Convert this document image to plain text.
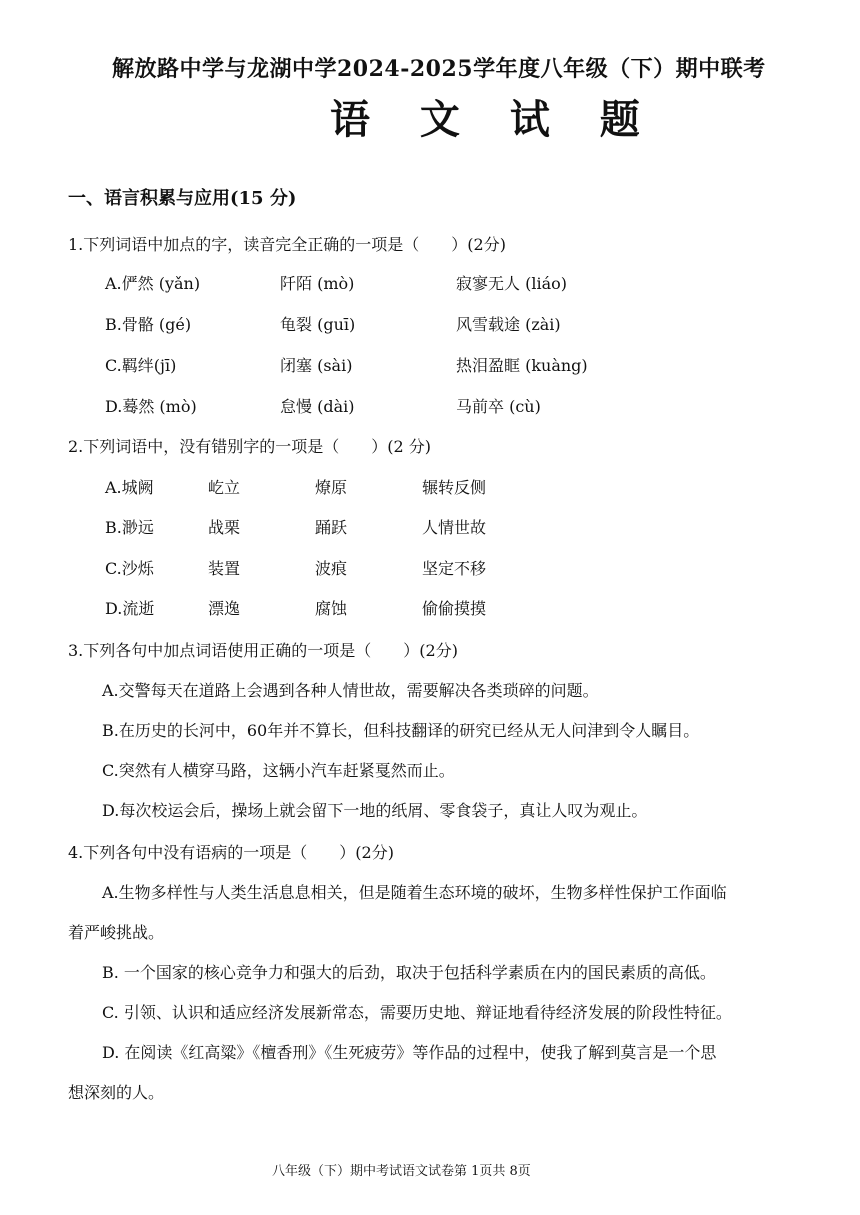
解放路中学与龙湖中学2024-2025学年度八年级（下）期中联考
语 文 试 题
一、语言积累与应用(15 分)
1.下列词语中加点的字，读音完全正确的一项是（　　）(2分)
A.俨然 (yǎn)	阡陌 (mò)	寂寥无人 (liáo)
B.骨骼 (gé)	龟裂 (guī)	风雪载途 (zài)
C.羁绊(jī)	闭塞 (sài)	热泪盈眶 (kuàng)
D.蓦然 (mò)	怠慢 (dài)	马前卒 (cù)
2.下列词语中，没有错别字的一项是（　　）(2 分)
A.城阙	屹立	燎原	辗转反侧
B.渺远	战栗	踊跃	人情世故
C.沙烁	装置	波痕	坚定不移
D.流逝	漂逸	腐蚀	偷偷摸摸
3.下列各句中加点词语使用正确的一项是（　　）(2分)
A.交警每天在道路上会遇到各种人情世故，需要解决各类琐碎的问题。
B.在历史的长河中，60年并不算长，但科技翻译的研究已经从无人问津到令人瞩目。
C.突然有人横穿马路，这辆小汽车赶紧戛然而止。
D.每次校运会后，操场上就会留下一地的纸屑、零食袋子，真让人叹为观止。
4.下列各句中没有语病的一项是（　　）(2分)
A.生物多样性与人类生活息息相关，但是随着生态环境的破坏，生物多样性保护工作面临
着严峻挑战。
B. 一个国家的核心竞争力和强大的后劲，取决于包括科学素质在内的国民素质的高低。
C. 引领、认识和适应经济发展新常态，需要历史地、辩证地看待经济发展的阶段性特征。
D. 在阅读《红高粱》《檀香刑》《生死疲劳》等作品的过程中，使我了解到莫言是一个思
想深刻的人。
八年级（下）期中考试语文试卷第 1页共 8页
